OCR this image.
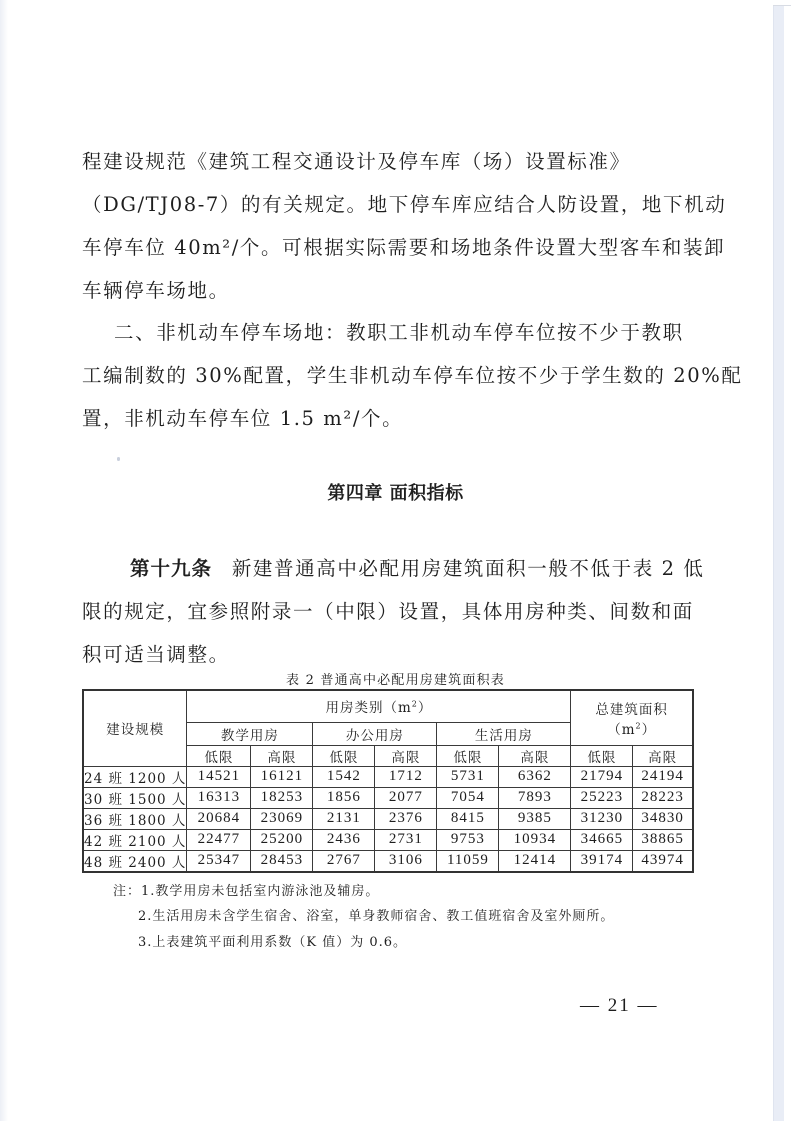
程建设规范《建筑工程交通设计及停车库（场）设置标准》
（DG/TJ08-7）的有关规定。地下停车库应结合人防设置，地下机动
车停车位 40m²/个。可根据实际需要和场地条件设置大型客车和装卸
车辆停车场地。
二、非机动车停车场地：教职工非机动车停车位按不少于教职
工编制数的 30%配置，学生非机动车停车位按不少于学生数的 20%配
置，非机动车停车位 1.5 m²/个。
第四章 面积指标
第十九条 新建普通高中必配用房建筑面积一般不低于表 2 低
限的规定，宜参照附录一（中限）设置，具体用房种类、间数和面
积可适当调整。
表 2 普通高中必配用房建筑面积表
建设规模	用房类别$(m^2)$						总建筑面积
$(m^2)$	

	教学用房		办公用房		生活用房			
	低限	高限	低限	高限	低限	高限	低限	高限
24 班 1200 人	14521	16121	1542	1712	5731	6362	21794	24194
30 班 1500 人	16313	18253	1856	2077	7054	7893	25223	28223
36 班 1800 人	20684	23069	2131	2376	8415	9385	31230	34830
42 班 2100 人	22477	25200	2436	2731	9753	10934	34665	38865
48 班 2400 人	25347	28453	2767	3106	11059	12414	39174	43974
注：1.教学用房未包括室内游泳池及辅房。
2.生活用房未含学生宿舍、浴室，单身教师宿舍、教工值班宿舍及室外厕所。
3.上表建筑平面利用系数（K 值）为 0.6。
— 21 —
